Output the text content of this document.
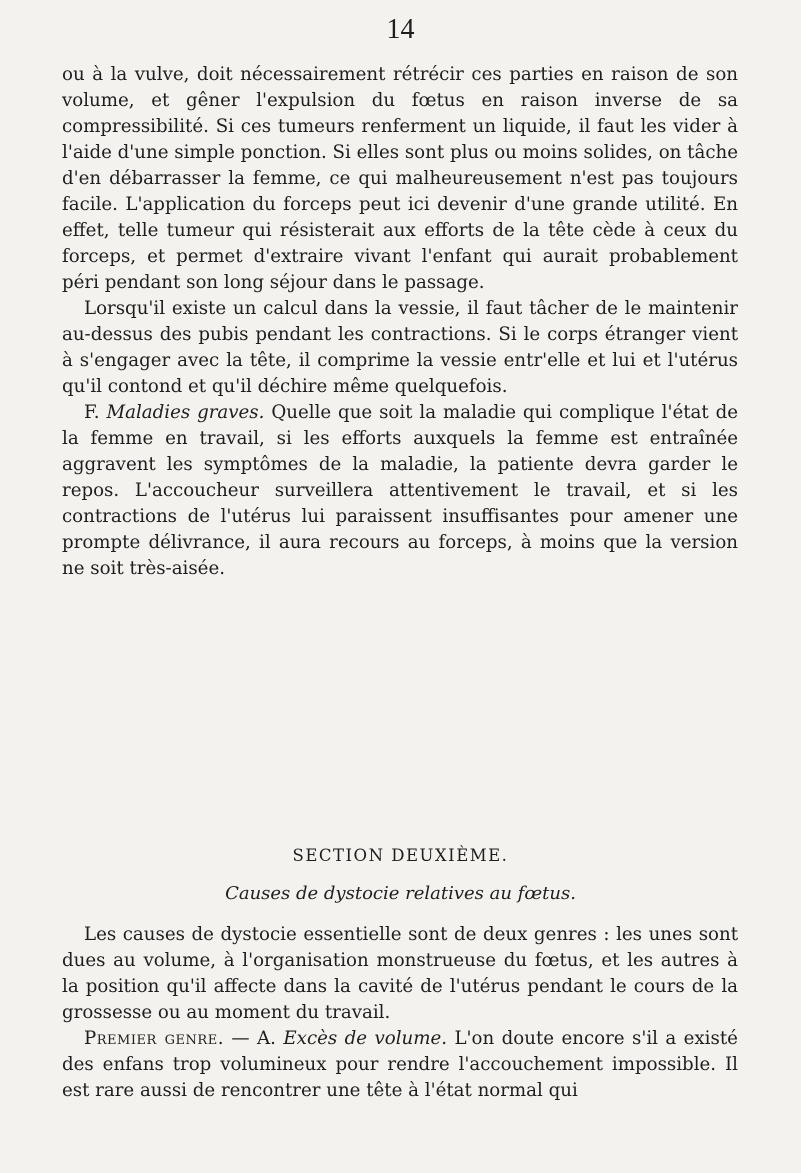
14

ou à la vulve, doit nécessairement rétrécir ces parties en raison de son volume, et gêner l'expulsion du fœtus en raison inverse de sa compressibilité. Si ces tumeurs renferment un liquide, il faut les vider à l'aide d'une simple ponction. Si elles sont plus ou moins solides, on tâche d'en débarrasser la femme, ce qui malheureusement n'est pas toujours facile. L'application du forceps peut ici devenir d'une grande utilité. En effet, telle tumeur qui résisterait aux efforts de la tête cède à ceux du forceps, et permet d'extraire vivant l'enfant qui aurait probablement péri pendant son long séjour dans le passage.

Lorsqu'il existe un calcul dans la vessie, il faut tâcher de le maintenir au-dessus des pubis pendant les contractions. Si le corps étranger vient à s'engager avec la tête, il comprime la vessie entr'elle et lui et l'utérus qu'il contond et qu'il déchire même quelquefois.

F. Maladies graves. Quelle que soit la maladie qui complique l'état de la femme en travail, si les efforts auxquels la femme est entraînée aggravent les symptômes de la maladie, la patiente devra garder le repos. L'accoucheur surveillera attentivement le travail, et si les contractions de l'utérus lui paraissent insuffisantes pour amener une prompte délivrance, il aura recours au forceps, à moins que la version ne soit très-aisée.

SECTION DEUXIÈME.
Causes de dystocie relatives au fœtus.

Les causes de dystocie essentielle sont de deux genres : les unes sont dues au volume, à l'organisation monstrueuse du fœtus, et les autres à la position qu'il affecte dans la cavité de l'utérus pendant le cours de la grossesse ou au moment du travail.

Premier genre. — A. Excès de volume. L'on doute encore s'il a existé des enfans trop volumineux pour rendre l'accouchement impossible. Il est rare aussi de rencontrer une tête à l'état normal qui
